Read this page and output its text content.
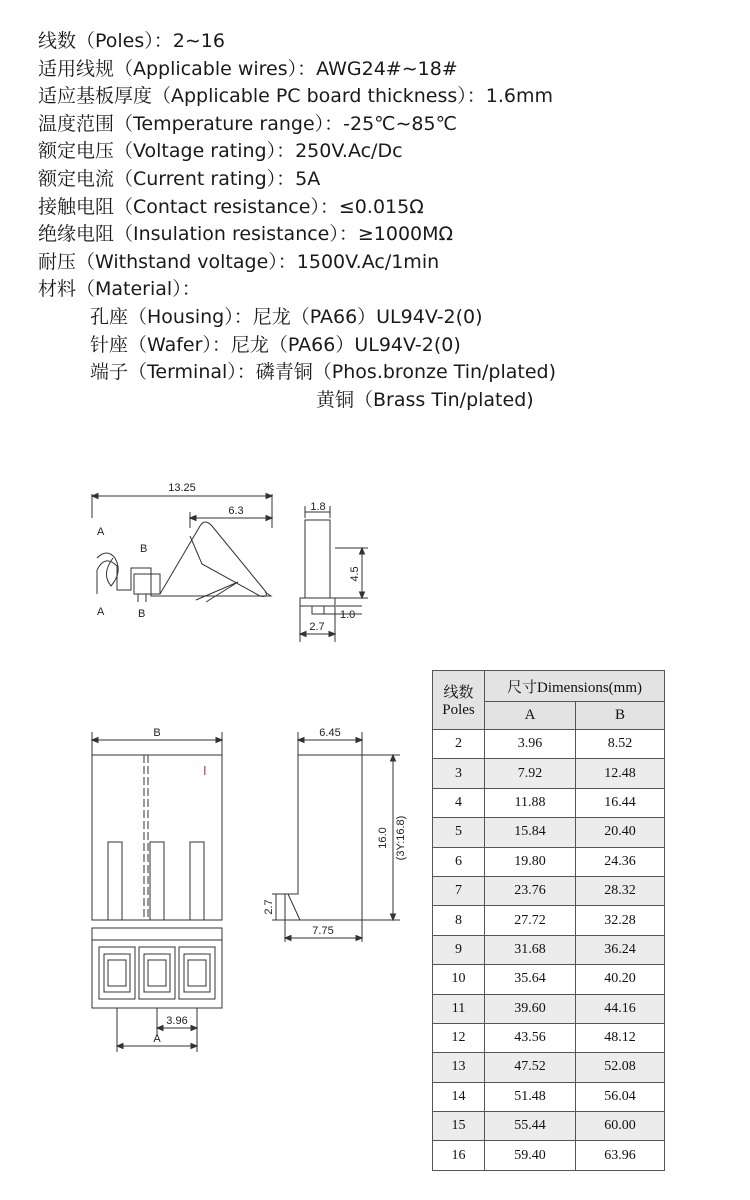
线数（Poles）：2∼16
适用线规（Applicable wires）：AWG24#∼18#
适应基板厚度（Applicable PC board thickness）：1.6mm
温度范围（Temperature range）：-25℃∼85℃
额定电压（Voltage rating）：250V.Ac/Dc
额定电流（Current rating）：5A
接触电阻（Contact resistance）：≤0.015Ω
绝缘电阻（Insulation resistance）：≥1000MΩ
耐压（Withstand voltage）：1500V.Ac/1min
材料（Material）：
孔座（Housing）：尼龙（PA66）UL94V-2(0)
针座（Wafer）：尼龙（PA66）UL94V-2(0)
端子（Terminal）：磷青铜（Phos.bronze Tin/plated)
黄铜（Brass Tin/plated)
13.25
6.3
A
B
A	B
1.8
4.5
1.0
2.7
B
I
3.96
A
6.45
16.0 (3Y:16.8)
2.7
7.75
线数
Poles	尺寸Dimensions(mm)	
	A	B
2	3.96	8.52
3	7.92	12.48
4	11.88	16.44
5	15.84	20.40
6	19.80	24.36
7	23.76	28.32
8	27.72	32.28
9	31.68	36.24
10	35.64	40.20
11	39.60	44.16
12	43.56	48.12
13	47.52	52.08
14	51.48	56.04
15	55.44	60.00
16	59.40	63.96
